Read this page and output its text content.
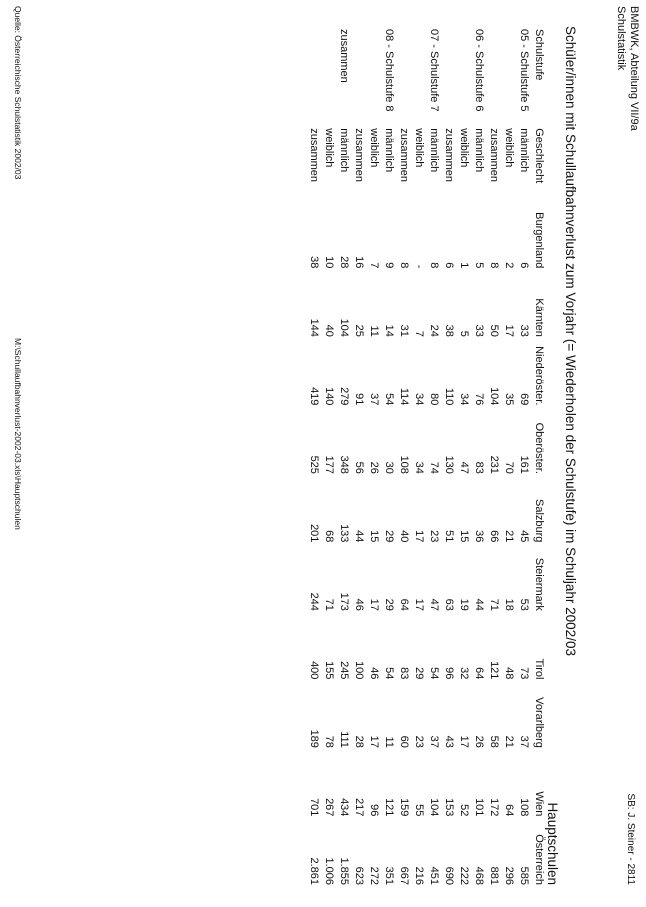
BMBWK, Abteilung VII/9a
Schulstatistik
SB: J. Steiner - 2811
Schüler/innen mit Schullaufbahnverlust zum Vorjahr (= Wiederholen der Schulstufe) im Schuljahr 2002/03
Hauptschulen
Schulstufe	Geschlecht	Burgenland	Kärnten	Niederöster.	Oberöster.	Salzburg	Steiermark	Tirol	Vorarlberg	Wien	Österreich
05 - Schulstufe 5	männlich	6	33	69	161	45	53	73	37	108	585
	weiblich	2	17	35	70	21	18	48	21	64	296
	zusammen	8	50	104	231	66	71	121	58	172	881
06 - Schulstufe 6	männlich	5	33	76	83	36	44	64	26	101	468
	weiblich	1	5	34	47	15	19	32	17	52	222
	zusammen	6	38	110	130	51	63	96	43	153	690
07 - Schulstufe 7	männlich	8	24	80	74	23	47	54	37	104	451
	weiblich	-	7	34	34	17	17	29	23	55	216
	zusammen	8	31	114	108	40	64	83	60	159	667
08 - Schulstufe 8	männlich	9	14	54	30	29	29	54	11	121	351
	weiblich	7	11	37	26	15	17	46	17	96	272
	zusammen	16	25	91	56	44	46	100	28	217	623
zusammen	männlich	28	104	279	348	133	173	245	111	434	1.855
	weiblich	10	40	140	177	68	71	155	78	267	1.006
	zusammen	38	144	419	525	201	244	400	189	701	2.861
Quelle: Österreichische Schulstatistik 2002/03
M:\Schullaufbahnverlust-2002-03.xls\Hauptschulen
